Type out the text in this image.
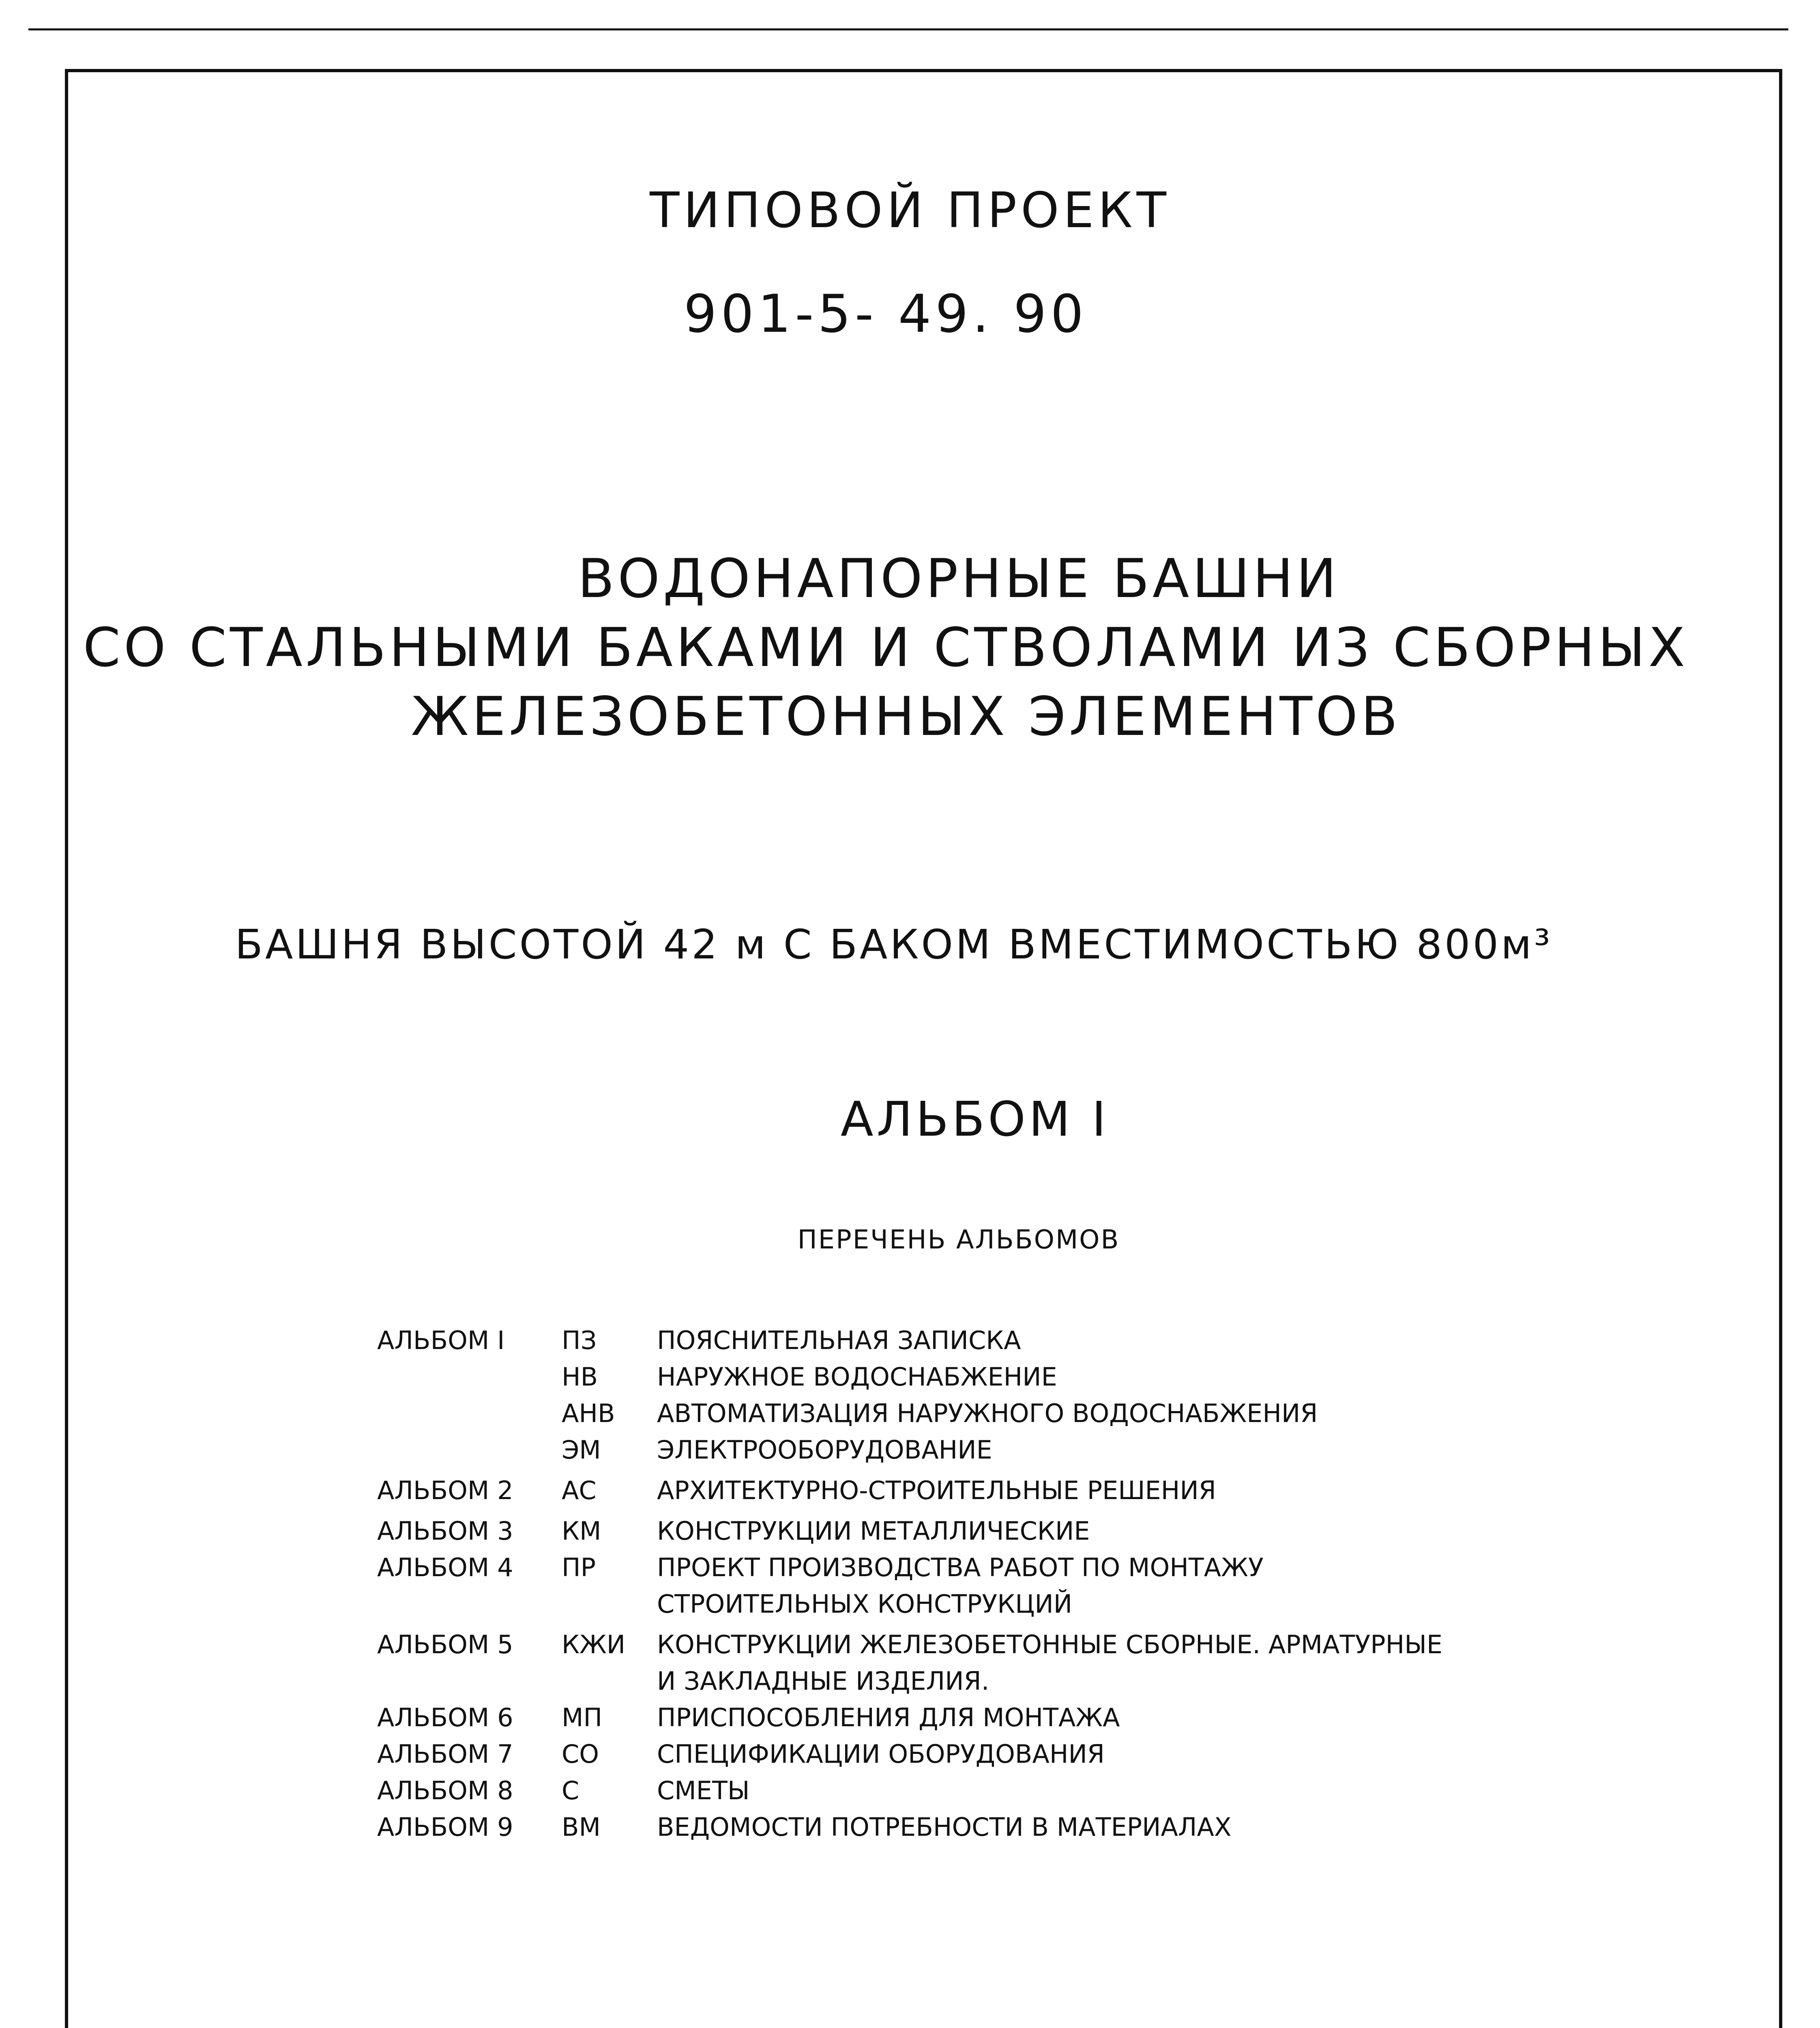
ТИПОВОЙ ПРОЕКТ
901-5- 49. 90
ВОДОНАПОРНЫЕ БАШНИ
СО СТАЛЬНЫМИ БАКАМИ И СТВОЛАМИ ИЗ СБОРНЫХ
ЖЕЛЕЗОБЕТОННЫХ ЭЛЕМЕНТОВ
БАШНЯ ВЫСОТОЙ 42 м С БАКОМ ВМЕСТИМОСТЬЮ 800м³
АЛЬБОМ I
ПЕРЕЧЕНЬ АЛЬБОМОВ
АЛЬБОМ I ПЗ ПОЯСНИТЕЛЬНАЯ ЗАПИСКА
НВ НАРУЖНОЕ ВОДОСНАБЖЕНИЕ
АНВ АВТОМАТИЗАЦИЯ НАРУЖНОГО ВОДОСНАБЖЕНИЯ
ЭМ ЭЛЕКТРООБОРУДОВАНИЕ
АЛЬБОМ 2 АС АРХИТЕКТУРНО-СТРОИТЕЛЬНЫЕ РЕШЕНИЯ
АЛЬБОМ 3 КМ КОНСТРУКЦИИ МЕТАЛЛИЧЕСКИЕ
АЛЬБОМ 4 ПР ПРОЕКТ ПРОИЗВОДСТВА РАБОТ ПО МОНТАЖУ
СТРОИТЕЛЬНЫХ КОНСТРУКЦИЙ
АЛЬБОМ 5 КЖИ КОНСТРУКЦИИ ЖЕЛЕЗОБЕТОННЫЕ СБОРНЫЕ. АРМАТУРНЫЕ
И ЗАКЛАДНЫЕ ИЗДЕЛИЯ.
АЛЬБОМ 6 МП ПРИСПОСОБЛЕНИЯ ДЛЯ МОНТАЖА
АЛЬБОМ 7 СО СПЕЦИФИКАЦИИ ОБОРУДОВАНИЯ
АЛЬБОМ 8 С	СМЕТЫ
АЛЬБОМ 9 ВМ ВЕДОМОСТИ ПОТРЕБНОСТИ В МАТЕРИАЛАХ
